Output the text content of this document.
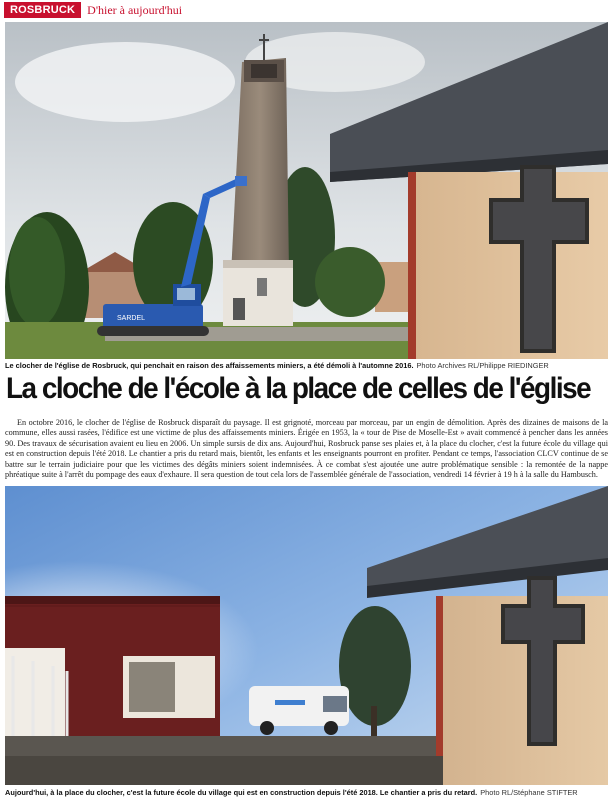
ROSBRUCK	D'hier à aujourd'hui
SARDEL
Le clocher de l'église de Rosbruck, qui penchait en raison des affaissements miniers, a été démoli à l'automne 2016. Photo Archives RL/Philippe RIEDINGER
La cloche de l'école à la place de celles de l'église

En octobre 2016, le clocher de l'église de Rosbruck disparaît du paysage. Il est grignoté, morceau par morceau, par un engin de démolition. Après des dizaines de maisons de la commune, elles aussi rasées, l'édifice est une victime de plus des affaissements miniers. Érigée en 1953, la « tour de Pise de Moselle-Est » avait commencé à pencher dans les années 90. Des travaux de sécurisation avaient eu lieu en 2006. Un simple sursis de dix ans. Aujourd'hui, Rosbruck panse ses plaies et, à la place du clocher, c'est la future école du village qui est en construction depuis l'été 2018. Le chantier a pris du retard mais, bientôt, les enfants et les enseignants pourront en profiter. Pendant ce temps, l'association CLCV continue de se battre sur le terrain judiciaire pour que les victimes des dégâts miniers soient indemnisées. À ce combat s'est ajoutée une autre problématique sensible : la remontée de la nappe phréatique suite à l'arrêt du pompage des eaux d'exhaure. Il sera question de tout cela lors de l'assemblée générale de l'association, vendredi 14 février à 19 h à la salle du Hambusch.

Aujourd'hui, à la place du clocher, c'est la future école du village qui est en construction depuis l'été 2018. Le chantier a pris du retard. Photo RL/Stéphane STIFTER
